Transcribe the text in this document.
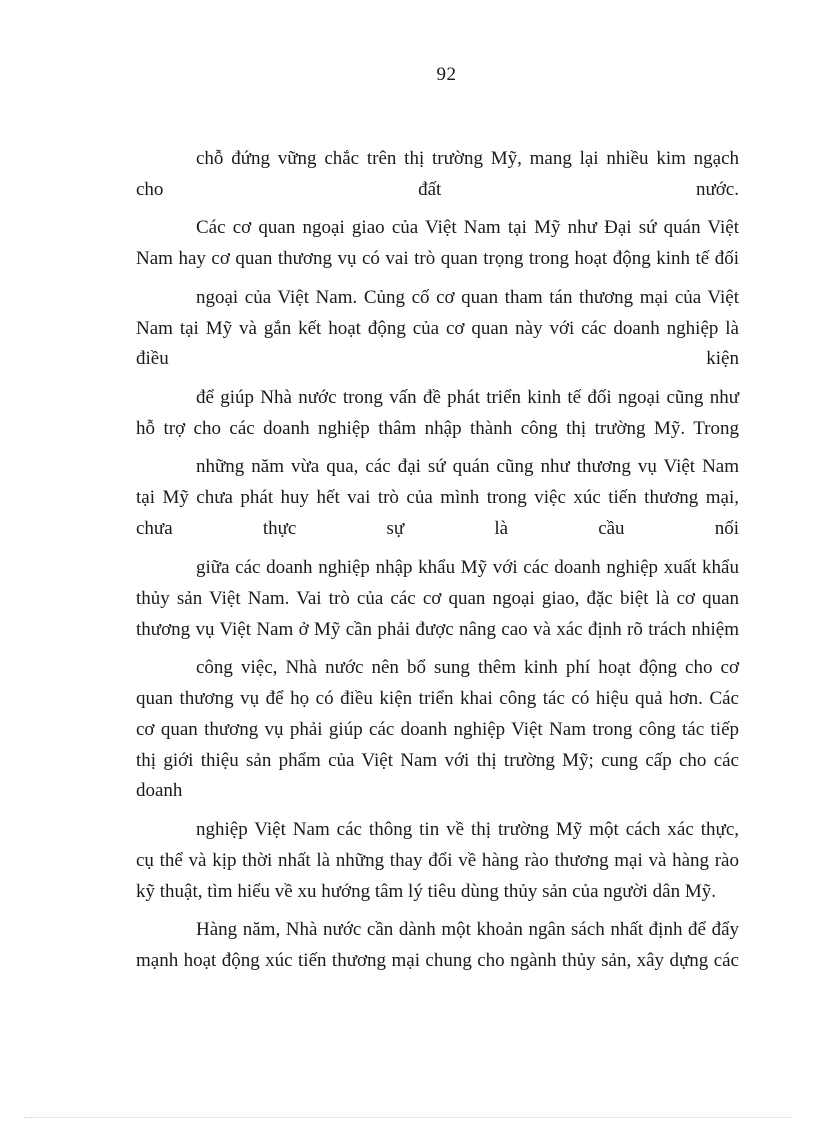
92
chỗ đứng vững chắc trên thị trường Mỹ, mang lại nhiều kim ngạch
cho đất nước.
Các cơ quan ngoại giao của Việt Nam tại Mỹ như Đại sứ quán Việt
Nam hay cơ quan thương vụ có vai trò quan trọng trong hoạt động kinh tế đối
ngoại của Việt Nam. Củng cố cơ quan tham tán thương mại của Việt
Nam tại Mỹ và gắn kết hoạt động của cơ quan này với các doanh nghiệp là
điều kiện
để giúp Nhà nước trong vấn đề phát triển kinh tế đối ngoại cũng như
hỗ trợ cho các doanh nghiệp thâm nhập thành công thị trường Mỹ. Trong
những năm vừa qua, các đại sứ quán cũng như thương vụ Việt Nam
tại Mỹ chưa phát huy hết vai trò của mình trong việc xúc tiến thương mại,
chưa thực sự là cầu nối
giữa các doanh nghiệp nhập khẩu Mỹ với các doanh nghiệp xuất khẩu
thủy sản Việt Nam. Vai trò của các cơ quan ngoại giao, đặc biệt là cơ quan
thương vụ Việt Nam ở Mỹ cần phải được nâng cao và xác định rõ trách nhiệm
công việc, Nhà nước nên bổ sung thêm kinh phí hoạt động cho cơ
quan thương vụ để họ có điều kiện triển khai công tác có hiệu quả hơn. Các
cơ quan thương vụ phải giúp các doanh nghiệp Việt Nam trong công tác tiếp
thị giới thiệu sản phẩm của Việt Nam với thị trường Mỹ; cung cấp cho các
doanh
nghiệp Việt Nam các thông tin về thị trường Mỹ một cách xác thực,
cụ thể và kịp thời nhất là những thay đổi về hàng rào thương mại và hàng rào
kỹ thuật, tìm hiểu về xu hướng tâm lý tiêu dùng thủy sản của người dân Mỹ.
Hàng năm, Nhà nước cần dành một khoản ngân sách nhất định để đẩy
mạnh hoạt động xúc tiến thương mại chung cho ngành thủy sản, xây dựng các
